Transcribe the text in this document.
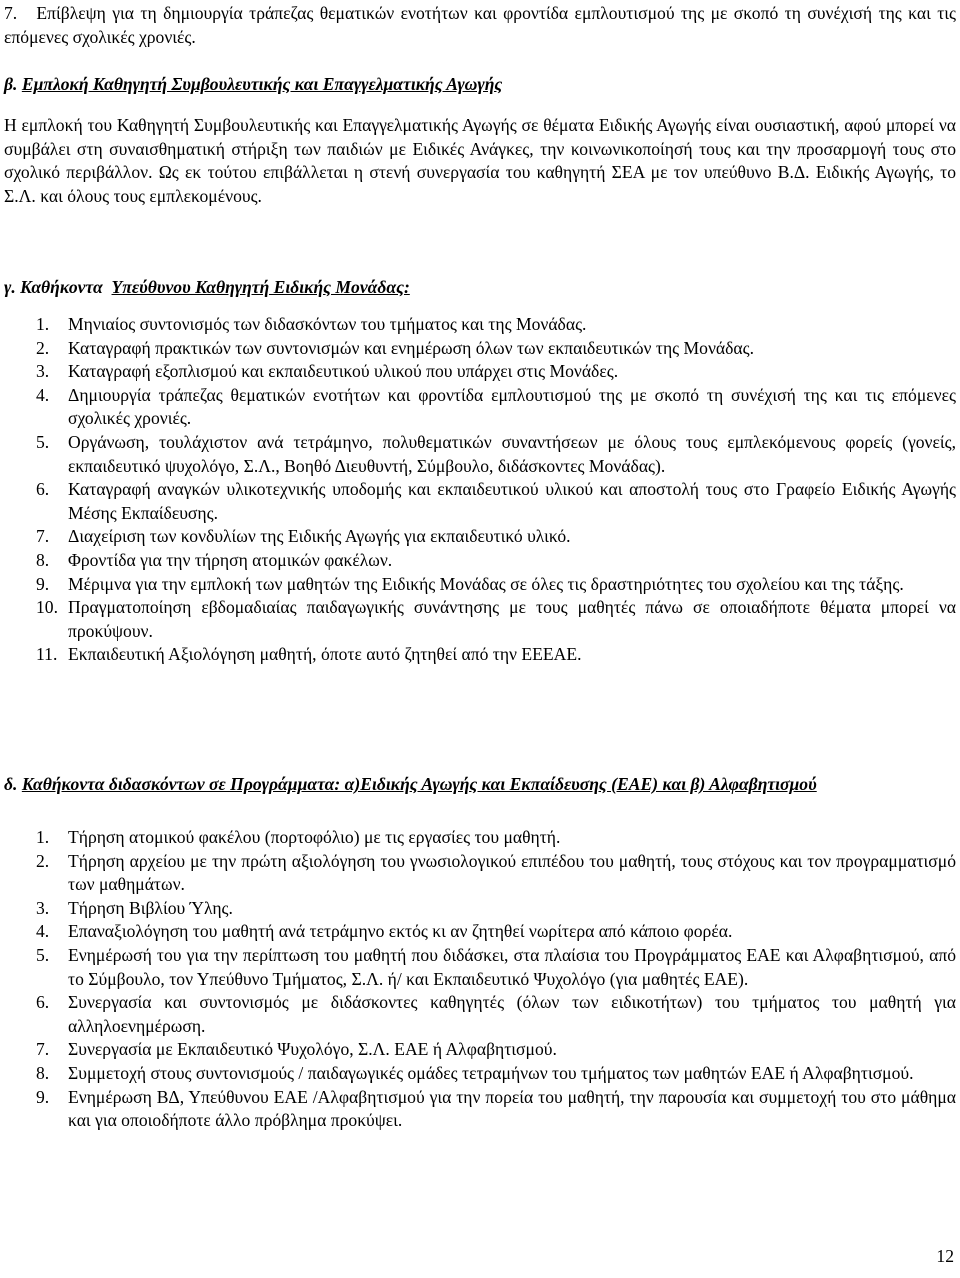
7. Επίβλεψη για τη δημιουργία τράπεζας θεματικών ενοτήτων και φροντίδα εμπλουτισμού της με σκοπό τη συνέχισή της και τις επόμενες σχολικές χρονιές.
β. Εμπλοκή Καθηγητή Συμβουλευτικής και Επαγγελματικής Αγωγής
Η εμπλοκή του Καθηγητή Συμβουλευτικής και Επαγγελματικής Αγωγής σε θέματα Ειδικής Αγωγής είναι ουσιαστική, αφού μπορεί να συμβάλει στη συναισθηματική στήριξη των παιδιών με Ειδικές Ανάγκες, την κοινωνικοποίησή τους και την προσαρμογή τους στο σχολικό περιβάλλον. Ως εκ τούτου επιβάλλεται η στενή συνεργασία του καθηγητή ΣΕΑ με τον υπεύθυνο Β.Δ. Ειδικής Αγωγής, το Σ.Λ. και όλους τους εμπλεκομένους.
γ. Καθήκοντα Υπεύθυνου Καθηγητή Ειδικής Μονάδας:
1. Μηνιαίος συντονισμός των διδασκόντων του τμήματος και της Μονάδας.
2. Καταγραφή πρακτικών των συντονισμών και ενημέρωση όλων των εκπαιδευτικών της Μονάδας.
3. Καταγραφή εξοπλισμού και εκπαιδευτικού υλικού που υπάρχει στις Μονάδες.
4. Δημιουργία τράπεζας θεματικών ενοτήτων και φροντίδα εμπλουτισμού της με σκοπό τη συνέχισή της και τις επόμενες σχολικές χρονιές.
5. Οργάνωση, τουλάχιστον ανά τετράμηνο, πολυθεματικών συναντήσεων με όλους τους εμπλεκόμενους φορείς (γονείς, εκπαιδευτικό ψυχολόγο, Σ.Λ., Βοηθό Διευθυντή, Σύμβουλο, διδάσκοντες Μονάδας).
6. Καταγραφή αναγκών υλικοτεχνικής υποδομής και εκπαιδευτικού υλικού και αποστολή τους στο Γραφείο Ειδικής Αγωγής Μέσης Εκπαίδευσης.
7. Διαχείριση των κονδυλίων της Ειδικής Αγωγής για εκπαιδευτικό υλικό.
8. Φροντίδα για την τήρηση ατομικών φακέλων.
9. Μέριμνα για την εμπλοκή των μαθητών της Ειδικής Μονάδας σε όλες τις δραστηριότητες του σχολείου και της τάξης.
10. Πραγματοποίηση εβδομαδιαίας παιδαγωγικής συνάντησης με τους μαθητές πάνω σε οποιαδήποτε θέματα μπορεί να προκύψουν.
11. Εκπαιδευτική Αξιολόγηση μαθητή, όποτε αυτό ζητηθεί από την ΕΕΕΑΕ.
δ. Καθήκοντα διδασκόντων σε Προγράμματα: α)Ειδικής Αγωγής και Εκπαίδευσης (ΕΑΕ) και β) Αλφαβητισμού
1. Τήρηση ατομικού φακέλου (πορτοφόλιο) με τις εργασίες του μαθητή.
2. Τήρηση αρχείου με την πρώτη αξιολόγηση του γνωσιολογικού επιπέδου του μαθητή, τους στόχους και τον προγραμματισμό των μαθημάτων.
3. Τήρηση Βιβλίου Ύλης.
4. Επαναξιολόγηση του μαθητή ανά τετράμηνο εκτός κι αν ζητηθεί νωρίτερα από κάποιο φορέα.
5. Ενημέρωσή του για την περίπτωση του μαθητή που διδάσκει, στα πλαίσια του Προγράμματος ΕΑΕ και Αλφαβητισμού, από το Σύμβουλο, τον Υπεύθυνο Τμήματος, Σ.Λ. ή/ και Εκπαιδευτικό Ψυχολόγο (για μαθητές ΕΑΕ).
6. Συνεργασία και συντονισμός με διδάσκοντες καθηγητές (όλων των ειδικοτήτων) του τμήματος του μαθητή για αλληλοενημέρωση.
7. Συνεργασία με Εκπαιδευτικό Ψυχολόγο, Σ.Λ. ΕΑΕ ή Αλφαβητισμού.
8. Συμμετοχή στους συντονισμούς / παιδαγωγικές ομάδες τετραμήνων του τμήματος των μαθητών ΕΑΕ ή Αλφαβητισμού.
9. Ενημέρωση ΒΔ, Υπεύθυνου ΕΑΕ /Αλφαβητισμού για την πορεία του μαθητή, την παρουσία και συμμετοχή του στο μάθημα και για οποιοδήποτε άλλο πρόβλημα προκύψει.
12
